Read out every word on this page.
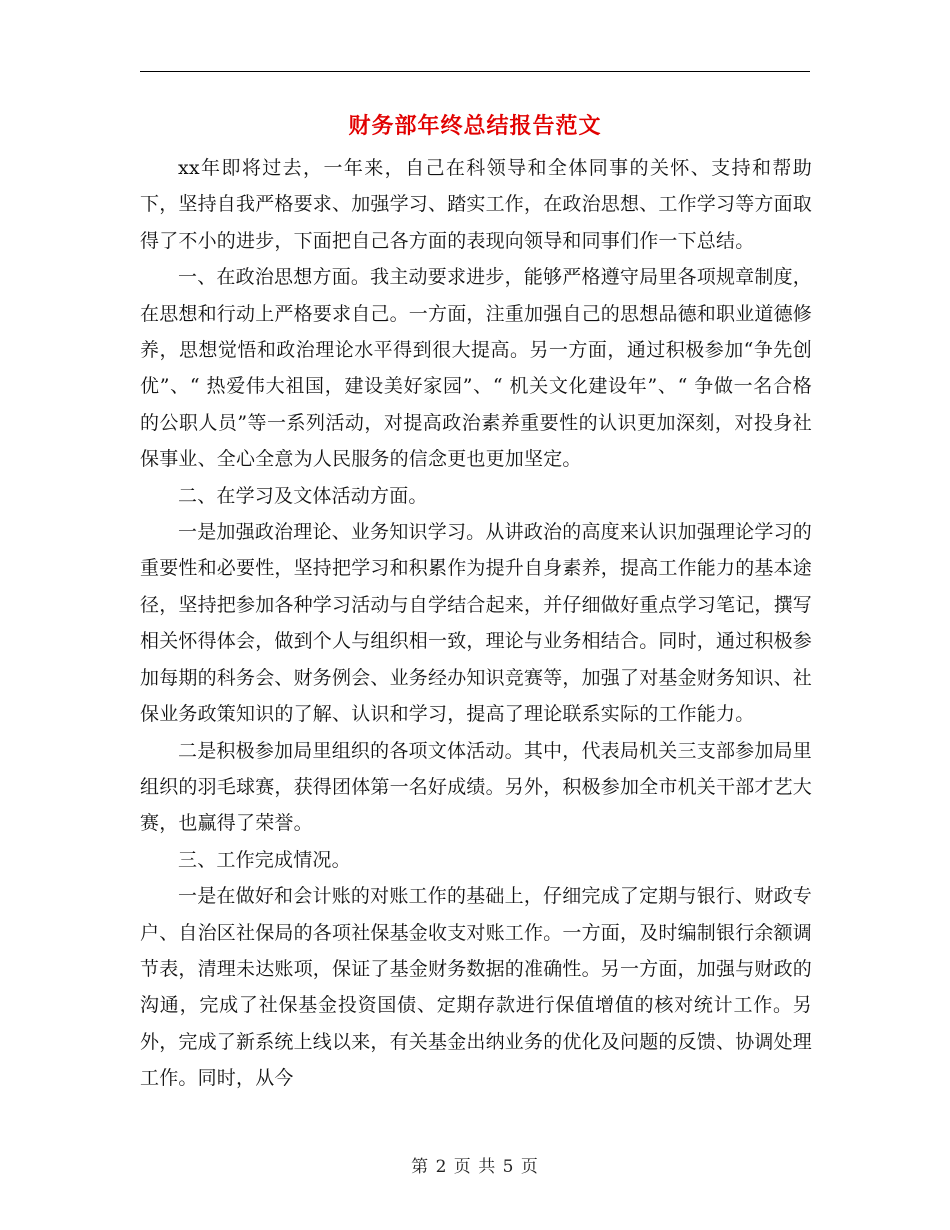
财务部年终总结报告范文

xx年即将过去，一年来，自己在科领导和全体同事的关怀、支持和帮助下，坚持自我严格要求、加强学习、踏实工作，在政治思想、工作学习等方面取得了不小的进步，下面把自己各方面的表现向领导和同事们作一下总结。

一、在政治思想方面。我主动要求进步，能够严格遵守局里各项规章制度，在思想和行动上严格要求自己。一方面，注重加强自己的思想品德和职业道德修养，思想觉悟和政治理论水平得到很大提高。另一方面，通过积极参加“争先创优”、“ 热爱伟大祖国，建设美好家园”、“ 机关文化建设年”、“ 争做一名合格的公职人员”等一系列活动，对提高政治素养重要性的认识更加深刻，对投身社保事业、全心全意为人民服务的信念更也更加坚定。

二、在学习及文体活动方面。

一是加强政治理论、业务知识学习。从讲政治的高度来认识加强理论学习的重要性和必要性，坚持把学习和积累作为提升自身素养，提高工作能力的基本途径，坚持把参加各种学习活动与自学结合起来，并仔细做好重点学习笔记，撰写相关怀得体会，做到个人与组织相一致，理论与业务相结合。同时，通过积极参加每期的科务会、财务例会、业务经办知识竞赛等，加强了对基金财务知识、社保业务政策知识的了解、认识和学习，提高了理论联系实际的工作能力。

二是积极参加局里组织的各项文体活动。其中，代表局机关三支部参加局里组织的羽毛球赛，获得团体第一名好成绩。另外，积极参加全市机关干部才艺大赛，也赢得了荣誉。

三、工作完成情况。

一是在做好和会计账的对账工作的基础上，仔细完成了定期与银行、财政专户、自治区社保局的各项社保基金收支对账工作。一方面，及时编制银行余额调节表，清理未达账项，保证了基金财务数据的准确性。另一方面，加强与财政的沟通，完成了社保基金投资国债、定期存款进行保值增值的核对统计工作。另外，完成了新系统上线以来，有关基金出纳业务的优化及问题的反馈、协调处理工作。同时，从今

第 2 页 共 5 页
